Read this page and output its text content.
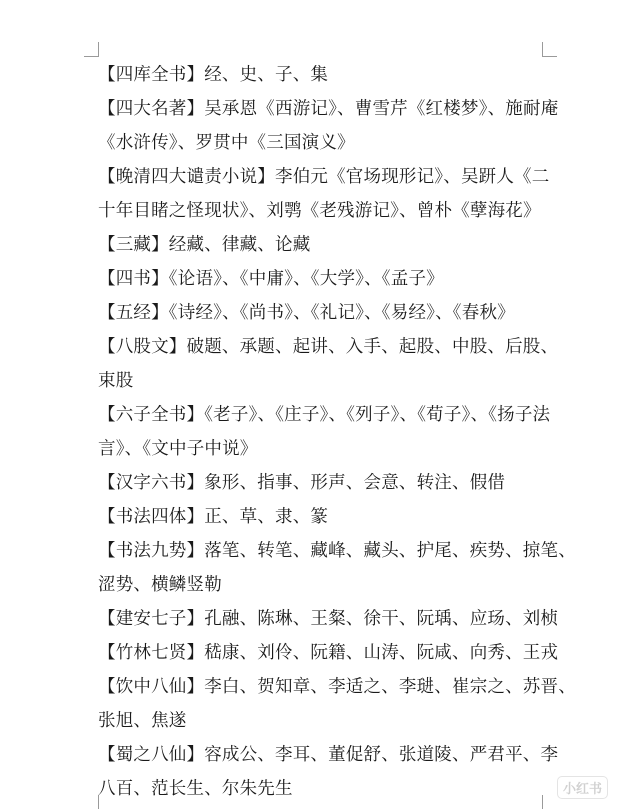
【四库全书】经、史、子、集
【四大名著】吴承恩《西游记》、曹雪芹《红楼梦》、施耐庵
《水浒传》、罗贯中《三国演义》
【晚清四大谴责小说】李伯元《官场现形记》、吴趼人《二
十年目睹之怪现状》、刘鹗《老残游记》、曾朴《孽海花》
【三藏】经藏、律藏、论藏
【四书】《论语》、《中庸》、《大学》、《孟子》
【五经】《诗经》、《尚书》、《礼记》、《易经》、《春秋》
【八股文】破题、承题、起讲、入手、起股、中股、后股、
束股
【六子全书】《老子》、《庄子》、《列子》、《荀子》、《扬子法
言》、《文中子中说》
【汉字六书】象形、指事、形声、会意、转注、假借
【书法四体】正、草、隶、篆
【书法九势】落笔、转笔、藏峰、藏头、护尾、疾势、掠笔、
涩势、横鳞竖勒
【建安七子】孔融、陈琳、王粲、徐干、阮瑀、应玚、刘桢
【竹林七贤】嵇康、刘伶、阮籍、山涛、阮咸、向秀、王戎
【饮中八仙】李白、贺知章、李适之、李琎、崔宗之、苏晋、
张旭、焦遂
【蜀之八仙】容成公、李耳、董促舒、张道陵、严君平、李
八百、范长生、尔朱先生	小红书
